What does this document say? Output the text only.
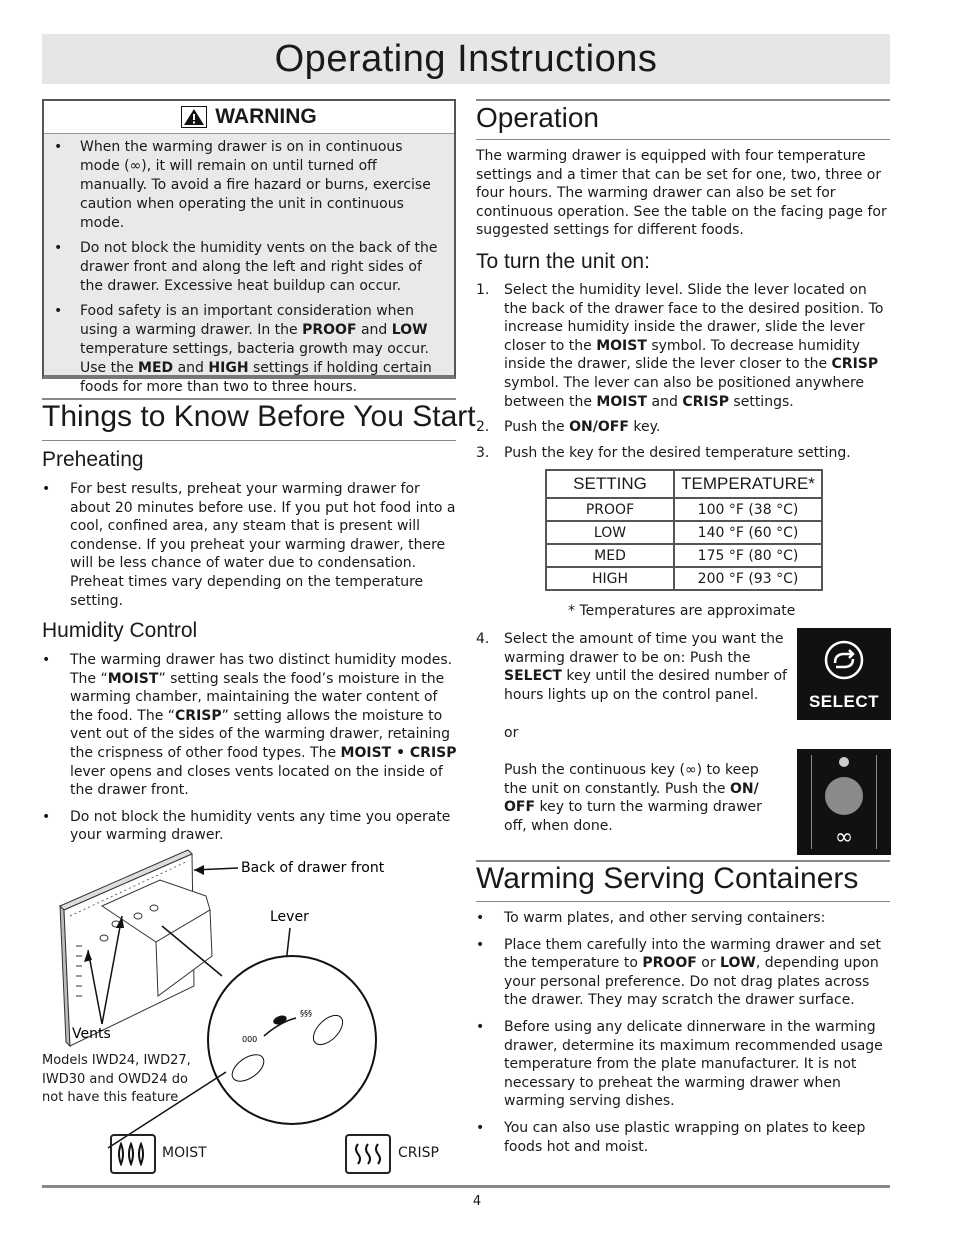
Operating Instructions
WARNING
• When the warming drawer is on in continuous mode (∞), it will remain on until turned off manually. To avoid a fire hazard or burns, exercise caution when operating the unit in continuous mode.
• Do not block the humidity vents on the back of the drawer front and along the left and right sides of the drawer. Excessive heat buildup can occur.
• Food safety is an important consideration when using a warming drawer. In the PROOF and LOW temperature settings, bacteria growth may occur. Use the MED and HIGH settings if holding certain foods for more than two to three hours.
Things to Know Before You Start
Preheating
• For best results, preheat your warming drawer for about 20 minutes before use. If you put hot food into a cool, confined area, any steam that is present will condense. If you preheat your warming drawer, there will be less chance of water due to condensation. Preheat times vary depending on the temperature setting.
Humidity Control
• The warming drawer has two distinct humidity modes. The “MOIST” setting seals the food’s moisture in the warming chamber, maintaining the water content of the food. The “CRISP” setting allows the moisture to vent out of the sides of the warming drawer, retaining the crispness of other food types. The MOIST • CRISP lever opens and closes vents located on the inside of the drawer front.
• Do not block the humidity vents any time you operate your warming drawer.
Back of drawer front
Lever
000
§§§
Vents
Models IWD24, IWD27, IWD30 and OWD24 do not have this feature
MOIST	CRISP
Operation
The warming drawer is equipped with four temperature settings and a timer that can be set for one, two, three or four hours. The warming drawer can also be set for continuous operation. See the table on the facing page for suggested settings for different foods.
To turn the unit on:
1. Select the humidity level. Slide the lever located on the back of the drawer face to the desired position. To increase humidity inside the drawer, slide the lever closer to the MOIST symbol. To decrease humidity inside the drawer, slide the lever closer to the CRISP symbol. The lever can also be positioned anywhere between the MOIST and CRISP settings.
2. Push the ON/OFF key.
3. Push the key for the desired temperature setting.
SETTING	TEMPERATURE*
PROOF	100 °F (38 °C)
LOW	140 °F (60 °C)
MED	175 °F (80 °C)
HIGH	200 °F (93 °C)
* Temperatures are approximate
4.	Select the amount of time you want the warming drawer to be on: Push the SELECT key until the desired number of hours lights up on the control panel.
or
Push the continuous key (∞) to keep the unit on constantly. Push the ON/ OFF key to turn the warming drawer off, when done.
SELECT
∞
Warming Serving Containers
• To warm plates, and other serving containers:
• Place them carefully into the warming drawer and set the temperature to PROOF or LOW, depending upon your personal preference. Do not drag plates across the drawer. They may scratch the drawer surface.
• Before using any delicate dinnerware in the warming drawer, determine its maximum recommended usage temperature from the plate manufacturer. It is not necessary to preheat the warming drawer when warming serving dishes.
• You can also use plastic wrapping on plates to keep foods hot and moist.
4
